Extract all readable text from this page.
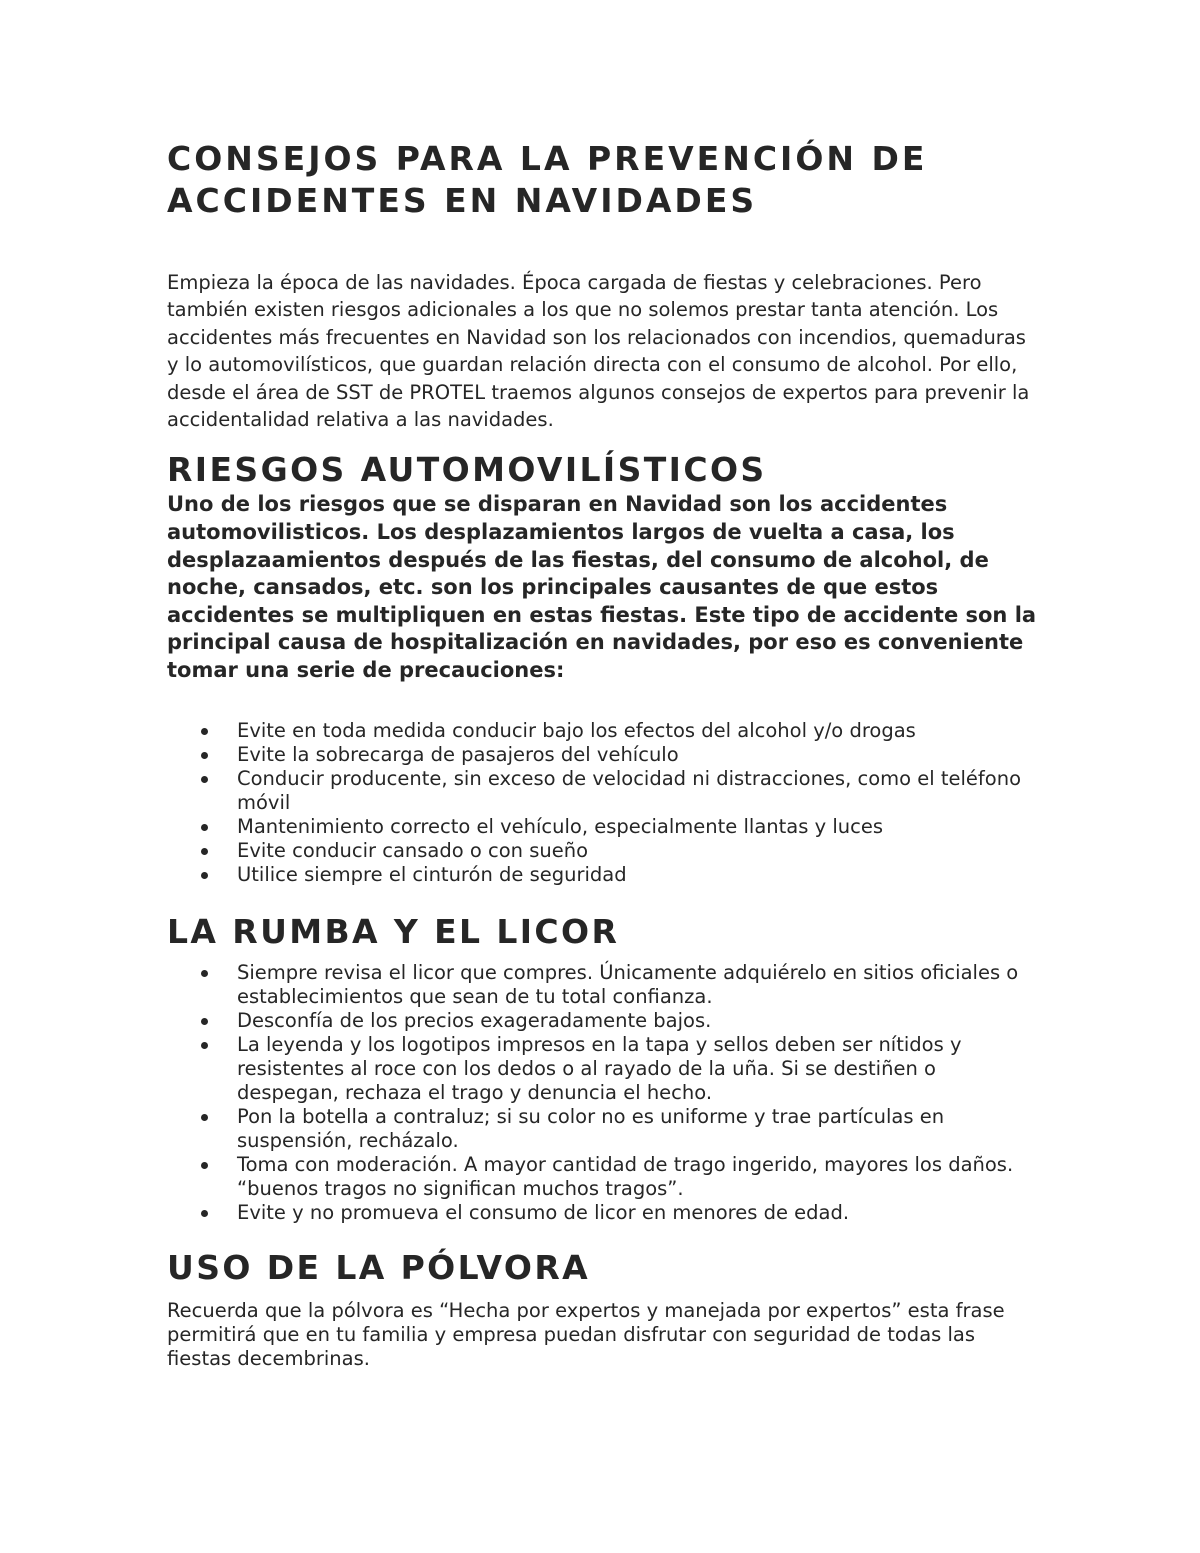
CONSEJOS PARA LA PREVENCIÓN DE ACCIDENTES EN NAVIDADES

Empieza la época de las navidades. Época cargada de fiestas y celebraciones. Pero también existen riesgos adicionales a los que no solemos prestar tanta atención. Los accidentes más frecuentes en Navidad son los relacionados con incendios, quemaduras y lo automovilísticos, que guardan relación directa con el consumo de alcohol. Por ello, desde el área de SST de PROTEL traemos algunos consejos de expertos para prevenir la accidentalidad relativa a las navidades.

RIESGOS AUTOMOVILÍSTICOS

Uno de los riesgos que se disparan en Navidad son los accidentes automovilisticos. Los desplazamientos largos de vuelta a casa, los desplazaamientos después de las fiestas, del consumo de alcohol, de noche, cansados, etc. son los principales causantes de que estos accidentes se multipliquen en estas fiestas. Este tipo de accidente son la principal causa de hospitalización en navidades, por eso es conveniente tomar una serie de precauciones:

Evite en toda medida conducir bajo los efectos del alcohol y/o drogas
Evite la sobrecarga de pasajeros del vehículo
Conducir producente, sin exceso de velocidad ni distracciones, como el teléfono móvil
Mantenimiento correcto el vehículo, especialmente llantas y luces
Evite conducir cansado o con sueño
Utilice siempre el cinturón de seguridad
LA RUMBA Y EL LICOR
Siempre revisa el licor que compres. Únicamente adquiérelo en sitios oficiales o establecimientos que sean de tu total confianza.
Desconfía de los precios exageradamente bajos.
La leyenda y los logotipos impresos en la tapa y sellos deben ser nítidos y resistentes al roce con los dedos o al rayado de la uña. Si se destiñen o despegan, rechaza el trago y denuncia el hecho.
Pon la botella a contraluz; si su color no es uniforme y trae partículas en suspensión, recházalo.
Toma con moderación. A mayor cantidad de trago ingerido, mayores los daños. “buenos tragos no significan muchos tragos”.
Evite y no promueva el consumo de licor en menores de edad.
USO DE LA PÓLVORA

Recuerda que la pólvora es “Hecha por expertos y manejada por expertos” esta frase permitirá que en tu familia y empresa puedan disfrutar con seguridad de todas las fiestas decembrinas.
